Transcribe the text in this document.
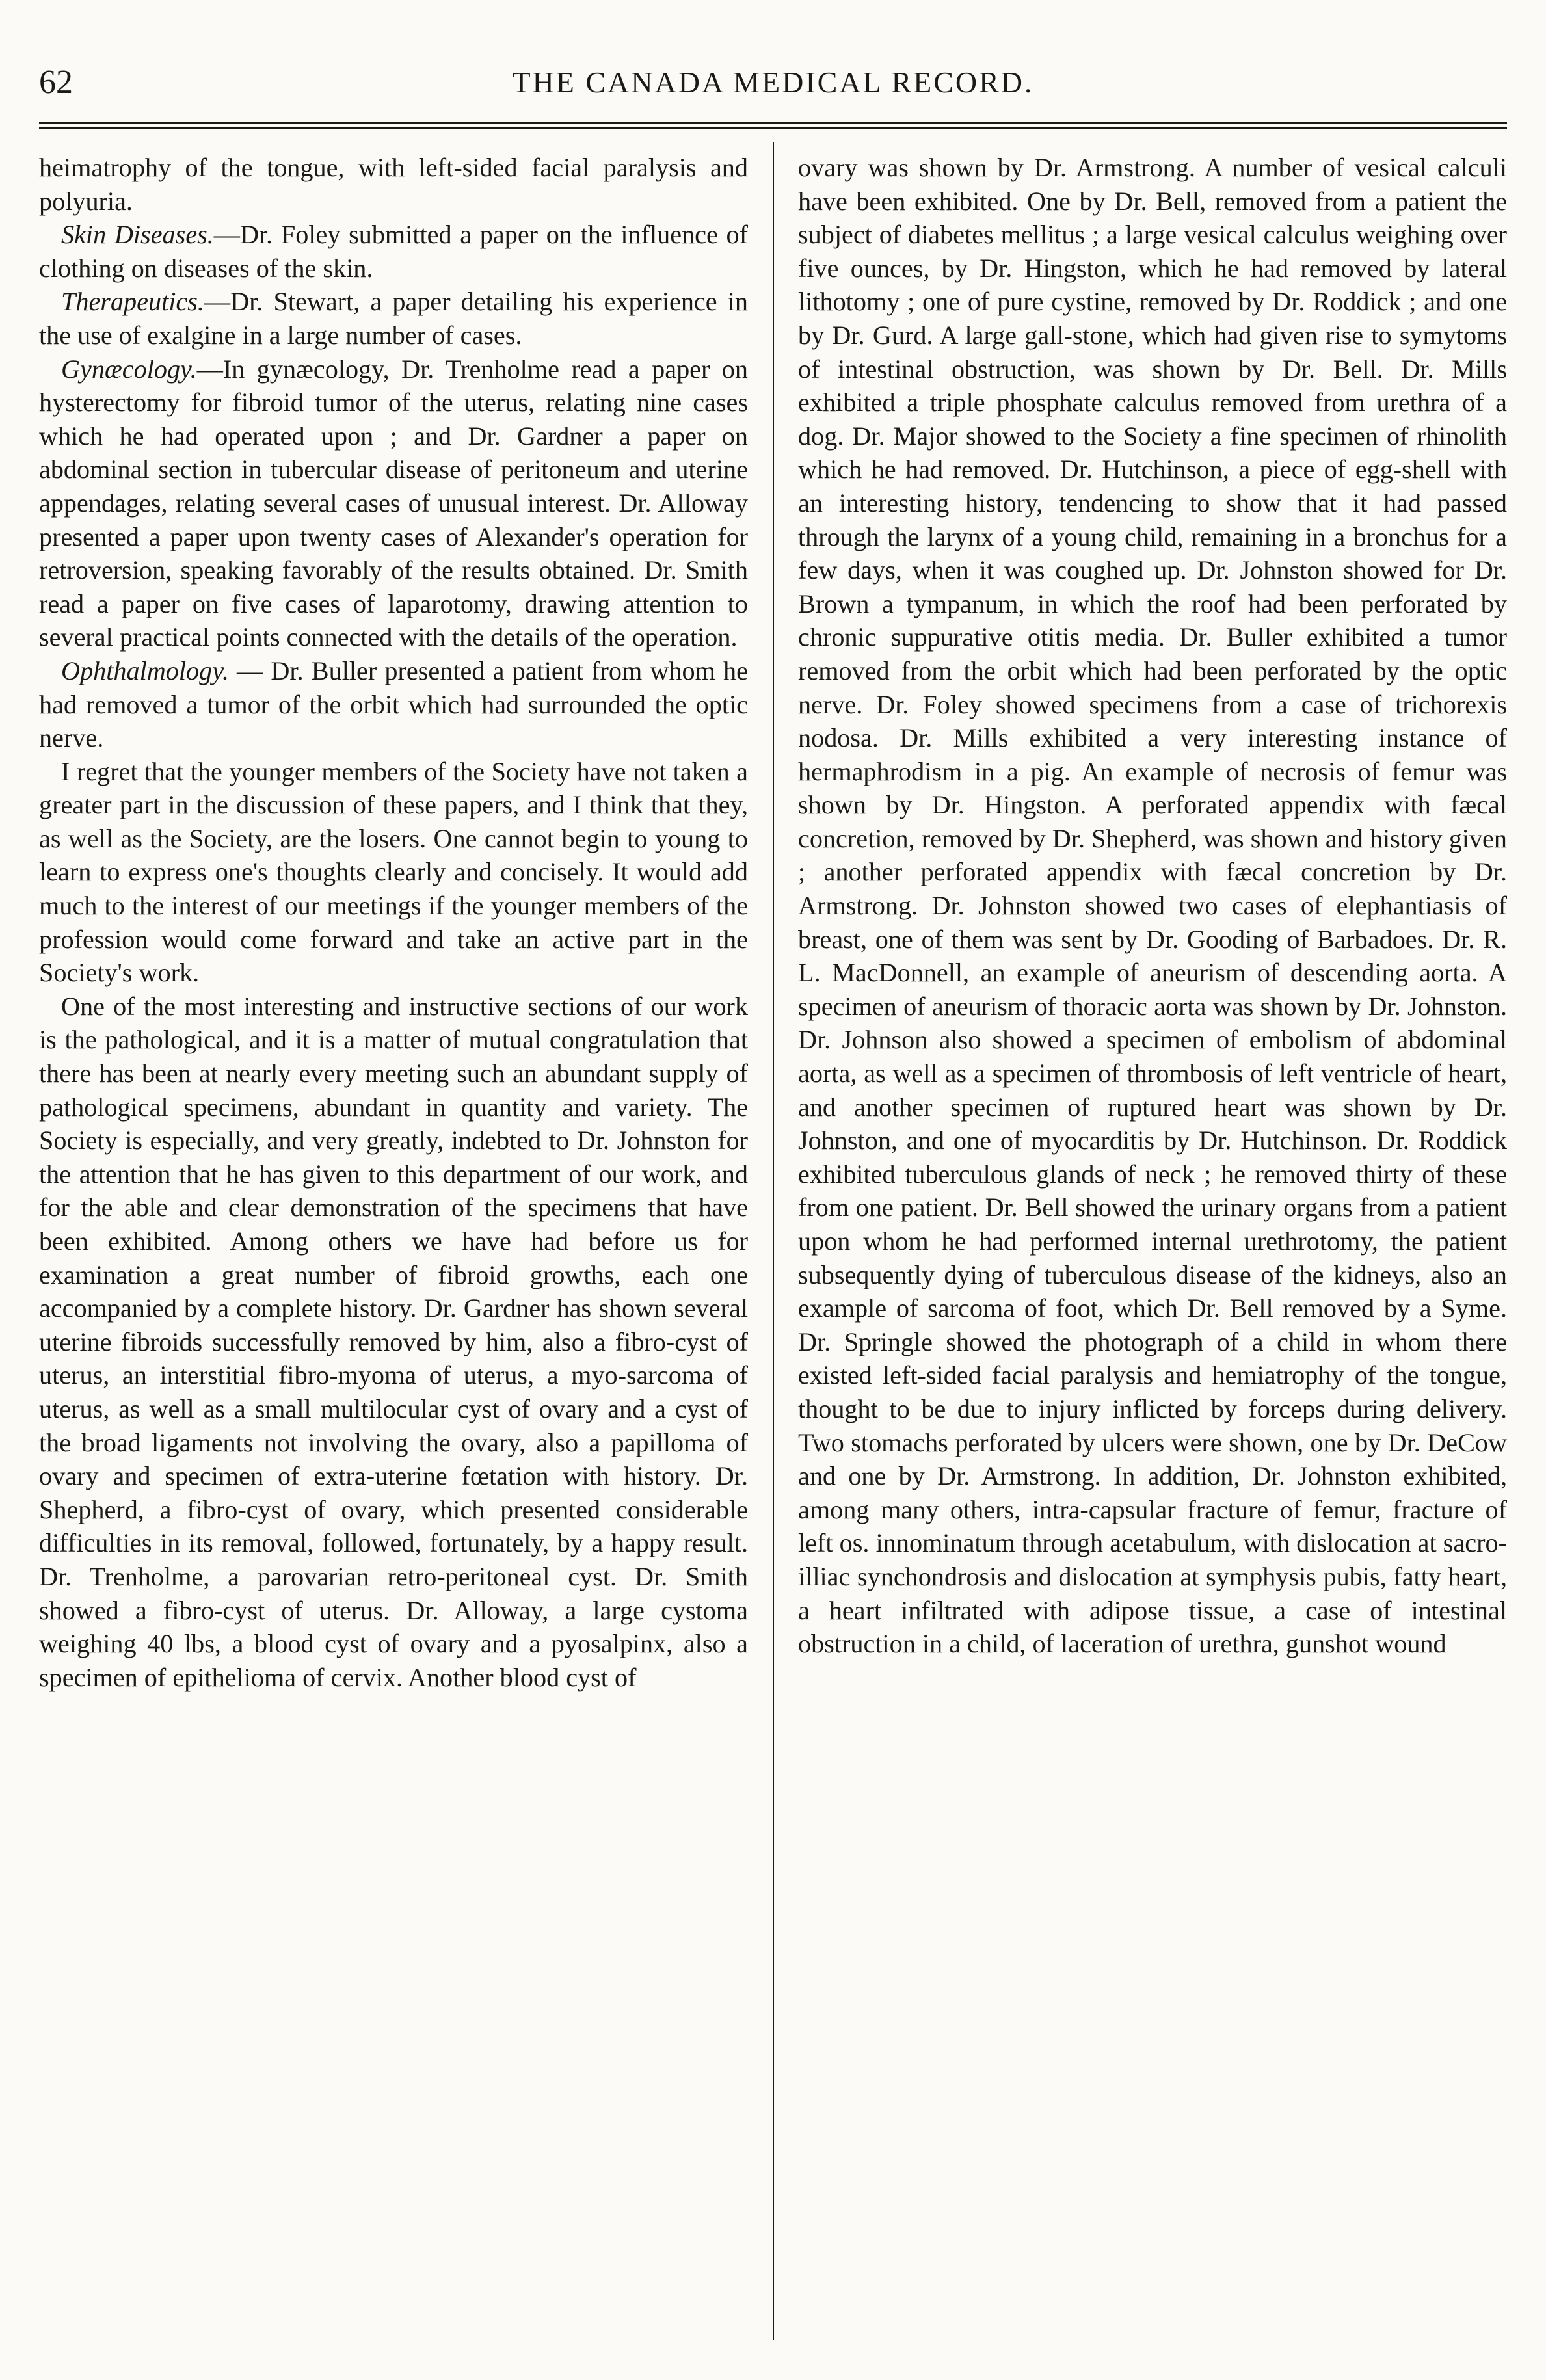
62	THE CANADA MEDICAL RECORD.

heimatrophy of the tongue, with left-sided facial paralysis and polyuria.

Skin Diseases.—Dr. Foley submitted a paper on the influence of clothing on diseases of the skin.

Therapeutics.—Dr. Stewart, a paper detailing his experience in the use of exalgine in a large number of cases.

Gynæcology.—In gynæcology, Dr. Trenholme read a paper on hysterectomy for fibroid tumor of the uterus, relating nine cases which he had operated upon ; and Dr. Gardner a paper on abdominal section in tubercular disease of peritoneum and uterine appendages, relating several cases of unusual interest. Dr. Alloway presented a paper upon twenty cases of Alexander's operation for retroversion, speaking favorably of the results obtained. Dr. Smith read a paper on five cases of laparotomy, drawing attention to several practical points connected with the details of the operation.

Ophthalmology. — Dr. Buller presented a patient from whom he had removed a tumor of the orbit which had surrounded the optic nerve.

I regret that the younger members of the Society have not taken a greater part in the discussion of these papers, and I think that they, as well as the Society, are the losers. One cannot begin to young to learn to express one's thoughts clearly and concisely. It would add much to the interest of our meetings if the younger members of the profession would come forward and take an active part in the Society's work.

One of the most interesting and instructive sections of our work is the pathological, and it is a matter of mutual congratulation that there has been at nearly every meeting such an abundant supply of pathological specimens, abundant in quantity and variety. The Society is especially, and very greatly, indebted to Dr. Johnston for the attention that he has given to this department of our work, and for the able and clear demonstration of the specimens that have been exhibited. Among others we have had before us for examination a great number of fibroid growths, each one accompanied by a complete history. Dr. Gardner has shown several uterine fibroids successfully removed by him, also a fibro-cyst of uterus, an interstitial fibro-myoma of uterus, a myo-sarcoma of uterus, as well as a small multilocular cyst of ovary and a cyst of the broad ligaments not involving the ovary, also a papilloma of ovary and specimen of extra-uterine fœtation with history. Dr. Shepherd, a fibro-cyst of ovary, which presented considerable difficulties in its removal, followed, fortunately, by a happy result. Dr. Trenholme, a parovarian retro-peritoneal cyst. Dr. Smith showed a fibro-cyst of uterus. Dr. Alloway, a large cystoma weighing 40 lbs, a blood cyst of ovary and a pyosalpinx, also a specimen of epithelioma of cervix. Another blood cyst of

ovary was shown by Dr. Armstrong. A number of vesical calculi have been exhibited. One by Dr. Bell, removed from a patient the subject of diabetes mellitus ; a large vesical calculus weighing over five ounces, by Dr. Hingston, which he had removed by lateral lithotomy ; one of pure cystine, removed by Dr. Roddick ; and one by Dr. Gurd. A large gall-stone, which had given rise to symytoms of intestinal obstruction, was shown by Dr. Bell. Dr. Mills exhibited a triple phosphate calculus removed from urethra of a dog. Dr. Major showed to the Society a fine specimen of rhinolith which he had removed. Dr. Hutchinson, a piece of egg-shell with an interesting history, tendencing to show that it had passed through the larynx of a young child, remaining in a bronchus for a few days, when it was coughed up. Dr. Johnston showed for Dr. Brown a tympanum, in which the roof had been perforated by chronic suppurative otitis media. Dr. Buller exhibited a tumor removed from the orbit which had been perforated by the optic nerve. Dr. Foley showed specimens from a case of trichorexis nodosa. Dr. Mills exhibited a very interesting instance of hermaphrodism in a pig. An example of necrosis of femur was shown by Dr. Hingston. A perforated appendix with fæcal concretion, removed by Dr. Shepherd, was shown and history given ; another perforated appendix with fæcal concretion by Dr. Armstrong. Dr. Johnston showed two cases of elephantiasis of breast, one of them was sent by Dr. Gooding of Barbadoes. Dr. R. L. MacDonnell, an example of aneurism of descending aorta. A specimen of aneurism of thoracic aorta was shown by Dr. Johnston. Dr. Johnson also showed a specimen of embolism of abdominal aorta, as well as a specimen of thrombosis of left ventricle of heart, and another specimen of ruptured heart was shown by Dr. Johnston, and one of myocarditis by Dr. Hutchinson. Dr. Roddick exhibited tuberculous glands of neck ; he removed thirty of these from one patient. Dr. Bell showed the urinary organs from a patient upon whom he had performed internal urethrotomy, the patient subsequently dying of tuberculous disease of the kidneys, also an example of sarcoma of foot, which Dr. Bell removed by a Syme. Dr. Springle showed the photograph of a child in whom there existed left-sided facial paralysis and hemiatrophy of the tongue, thought to be due to injury inflicted by forceps during delivery. Two stomachs perforated by ulcers were shown, one by Dr. DeCow and one by Dr. Armstrong. In addition, Dr. Johnston exhibited, among many others, intra-capsular fracture of femur, fracture of left os. innominatum through acetabulum, with dislocation at sacro-illiac synchondrosis and dislocation at symphysis pubis, fatty heart, a heart infiltrated with adipose tissue, a case of intestinal obstruction in a child, of laceration of urethra, gunshot wound
